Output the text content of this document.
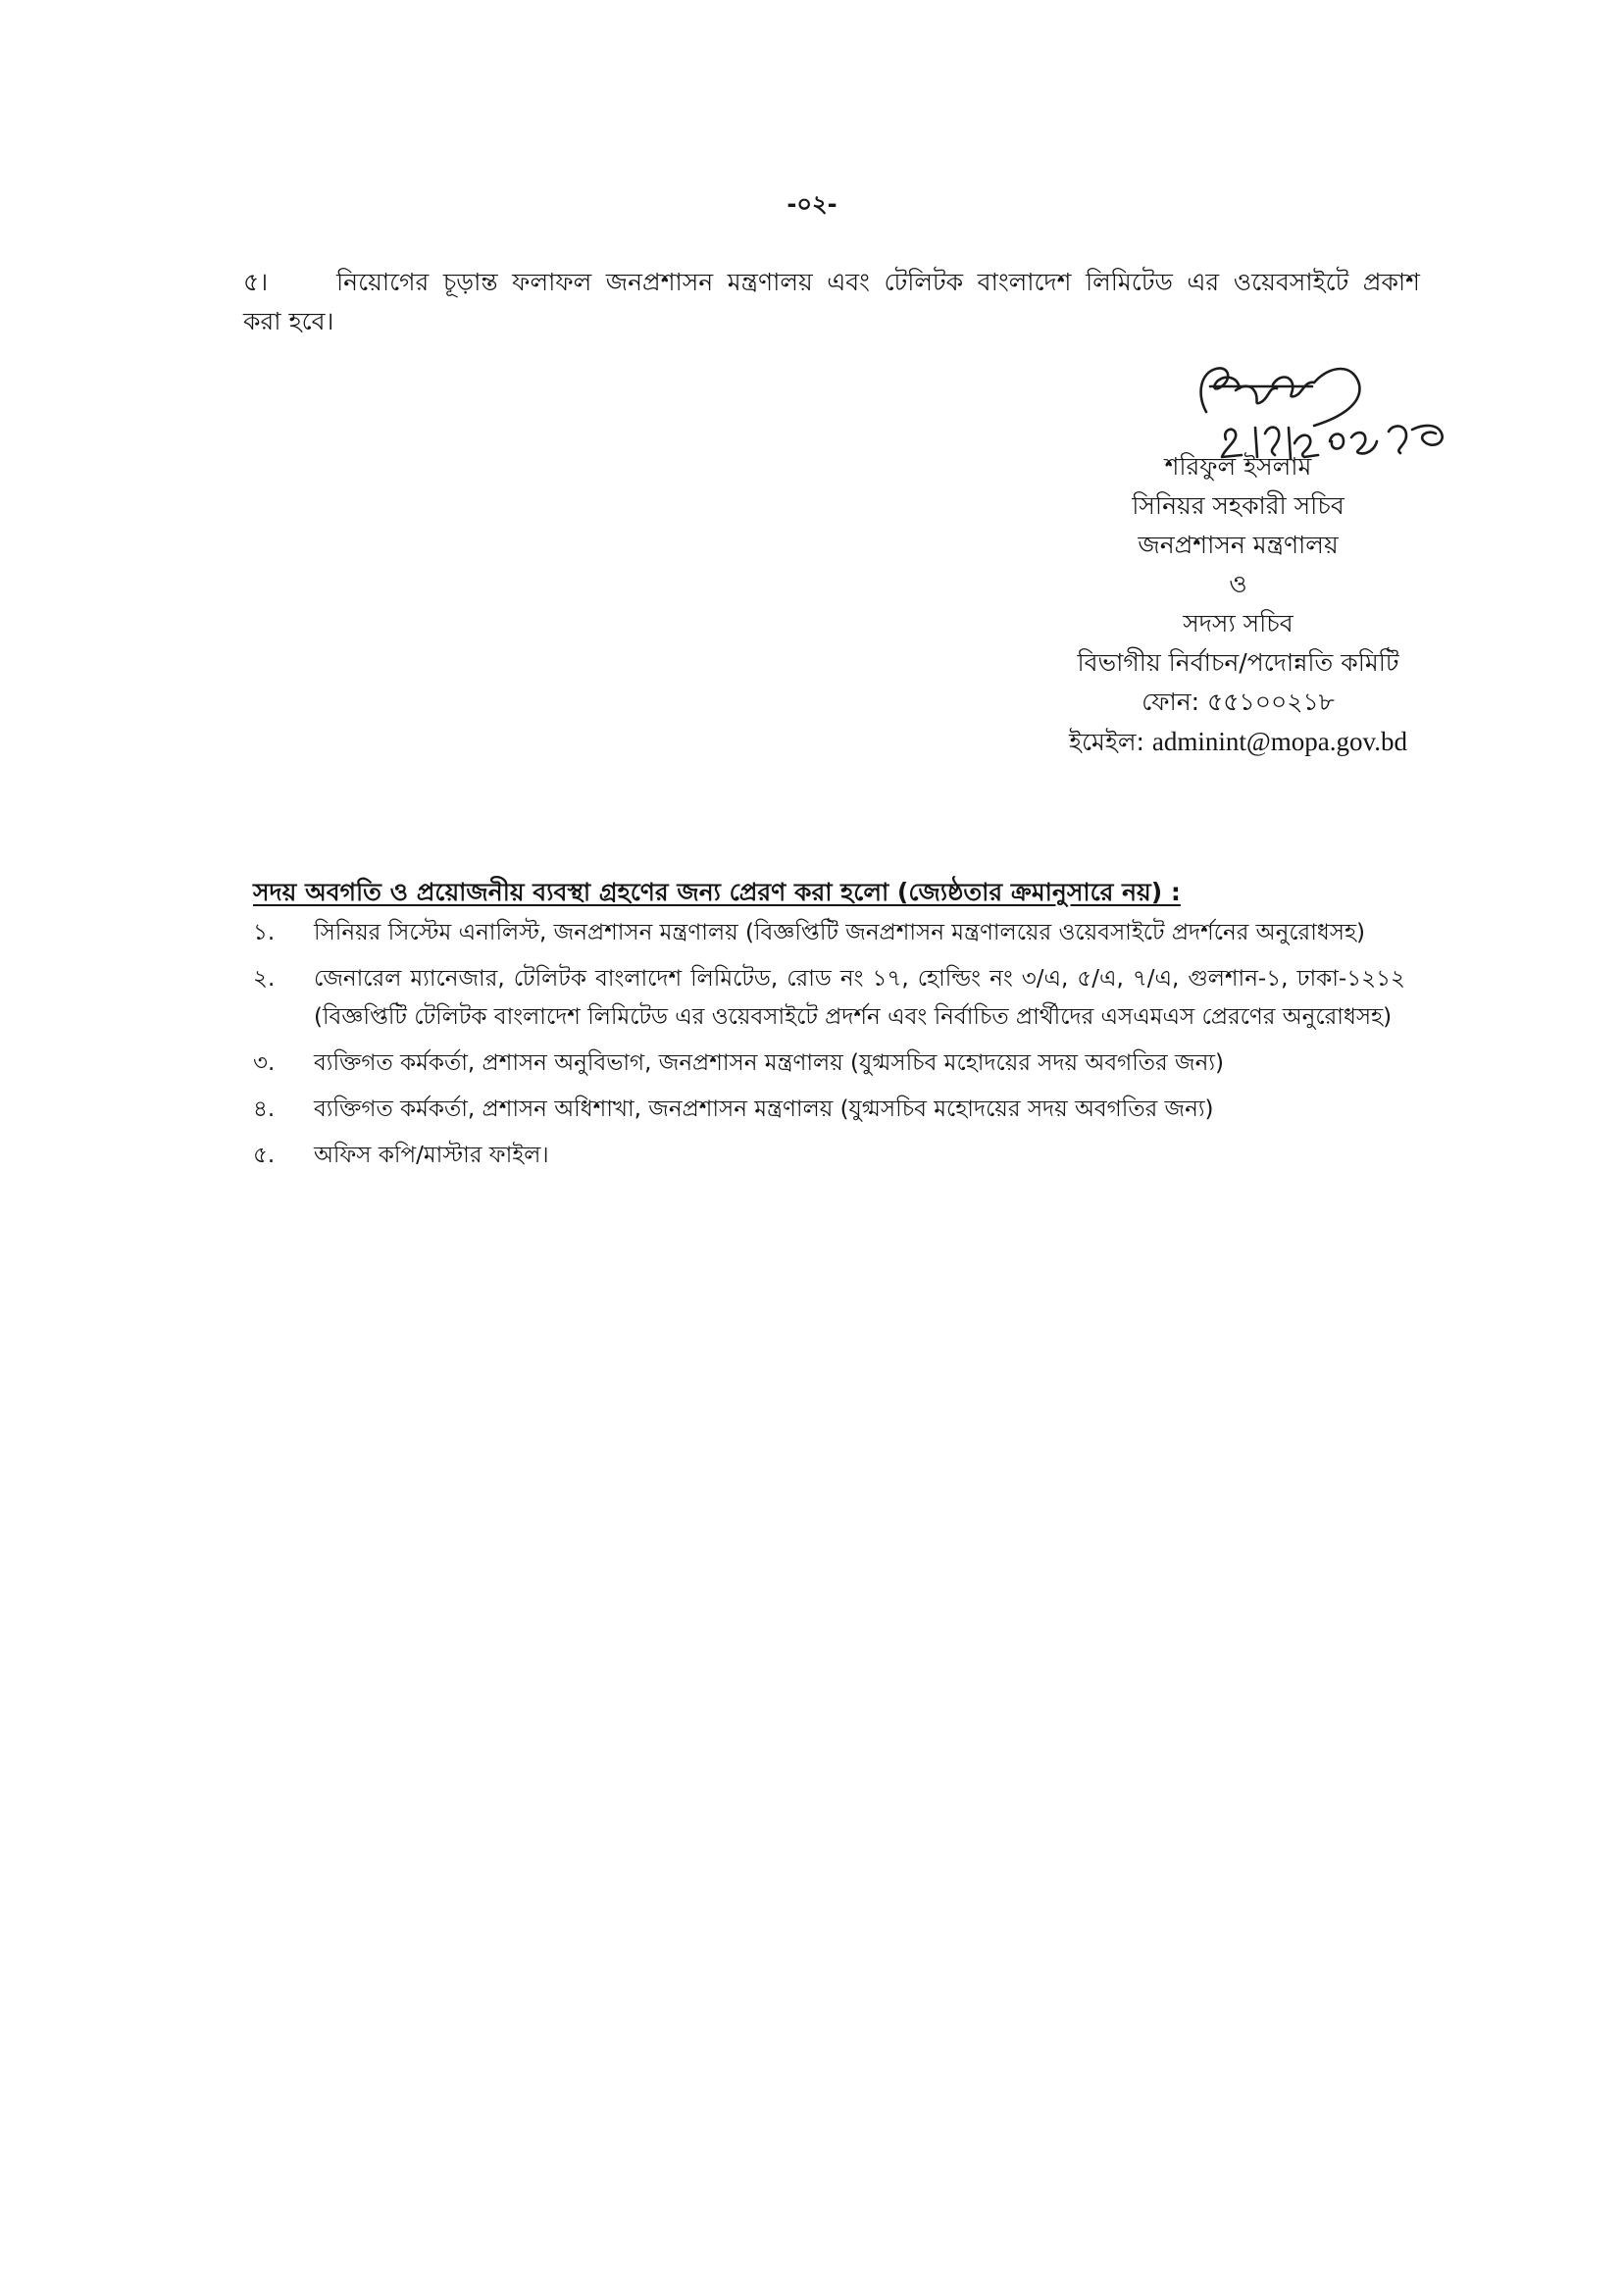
-০২-
৫।	নিয়োগের চূড়ান্ত ফলাফল জনপ্রশাসন মন্ত্রণালয় এবং টেলিটক বাংলাদেশ লিমিটেড এর ওয়েবসাইটে প্রকাশ
করা হবে।
শরিফুল ইসলাম
সিনিয়র সহকারী সচিব
জনপ্রশাসন মন্ত্রণালয়
ও
সদস্য সচিব
বিভাগীয় নির্বাচন/পদোন্নতি কমিটি
ফোন: ৫৫১০০২১৮
ইমেইল: adminint@mopa.gov.bd
সদয় অবগতি ও প্রয়োজনীয় ব্যবস্থা গ্রহণের জন্য প্রেরণ করা হলো (জ্যেষ্ঠতার ক্রমানুসারে নয়) :
১.	সিনিয়র সিস্টেম এনালিস্ট, জনপ্রশাসন মন্ত্রণালয় (বিজ্ঞপ্তিটি জনপ্রশাসন মন্ত্রণালয়ের ওয়েবসাইটে প্রদর্শনের অনুরোধসহ)
২.	জেনারেল ম্যানেজার, টেলিটক বাংলাদেশ লিমিটেড, রোড নং ১৭, হোল্ডিং নং ৩/এ, ৫/এ, ৭/এ, গুলশান-১, ঢাকা-১২১২ (বিজ্ঞপ্তিটি টেলিটক বাংলাদেশ লিমিটেড এর ওয়েবসাইটে প্রদর্শন এবং নির্বাচিত প্রার্থীদের এসএমএস প্রেরণের অনুরোধসহ)
৩.	ব্যক্তিগত কর্মকর্তা, প্রশাসন অনুবিভাগ, জনপ্রশাসন মন্ত্রণালয় (যুগ্মসচিব মহোদয়ের সদয় অবগতির জন্য)
৪.	ব্যক্তিগত কর্মকর্তা, প্রশাসন অধিশাখা, জনপ্রশাসন মন্ত্রণালয় (যুগ্মসচিব মহোদয়ের সদয় অবগতির জন্য)
৫.	অফিস কপি/মাস্টার ফাইল।
